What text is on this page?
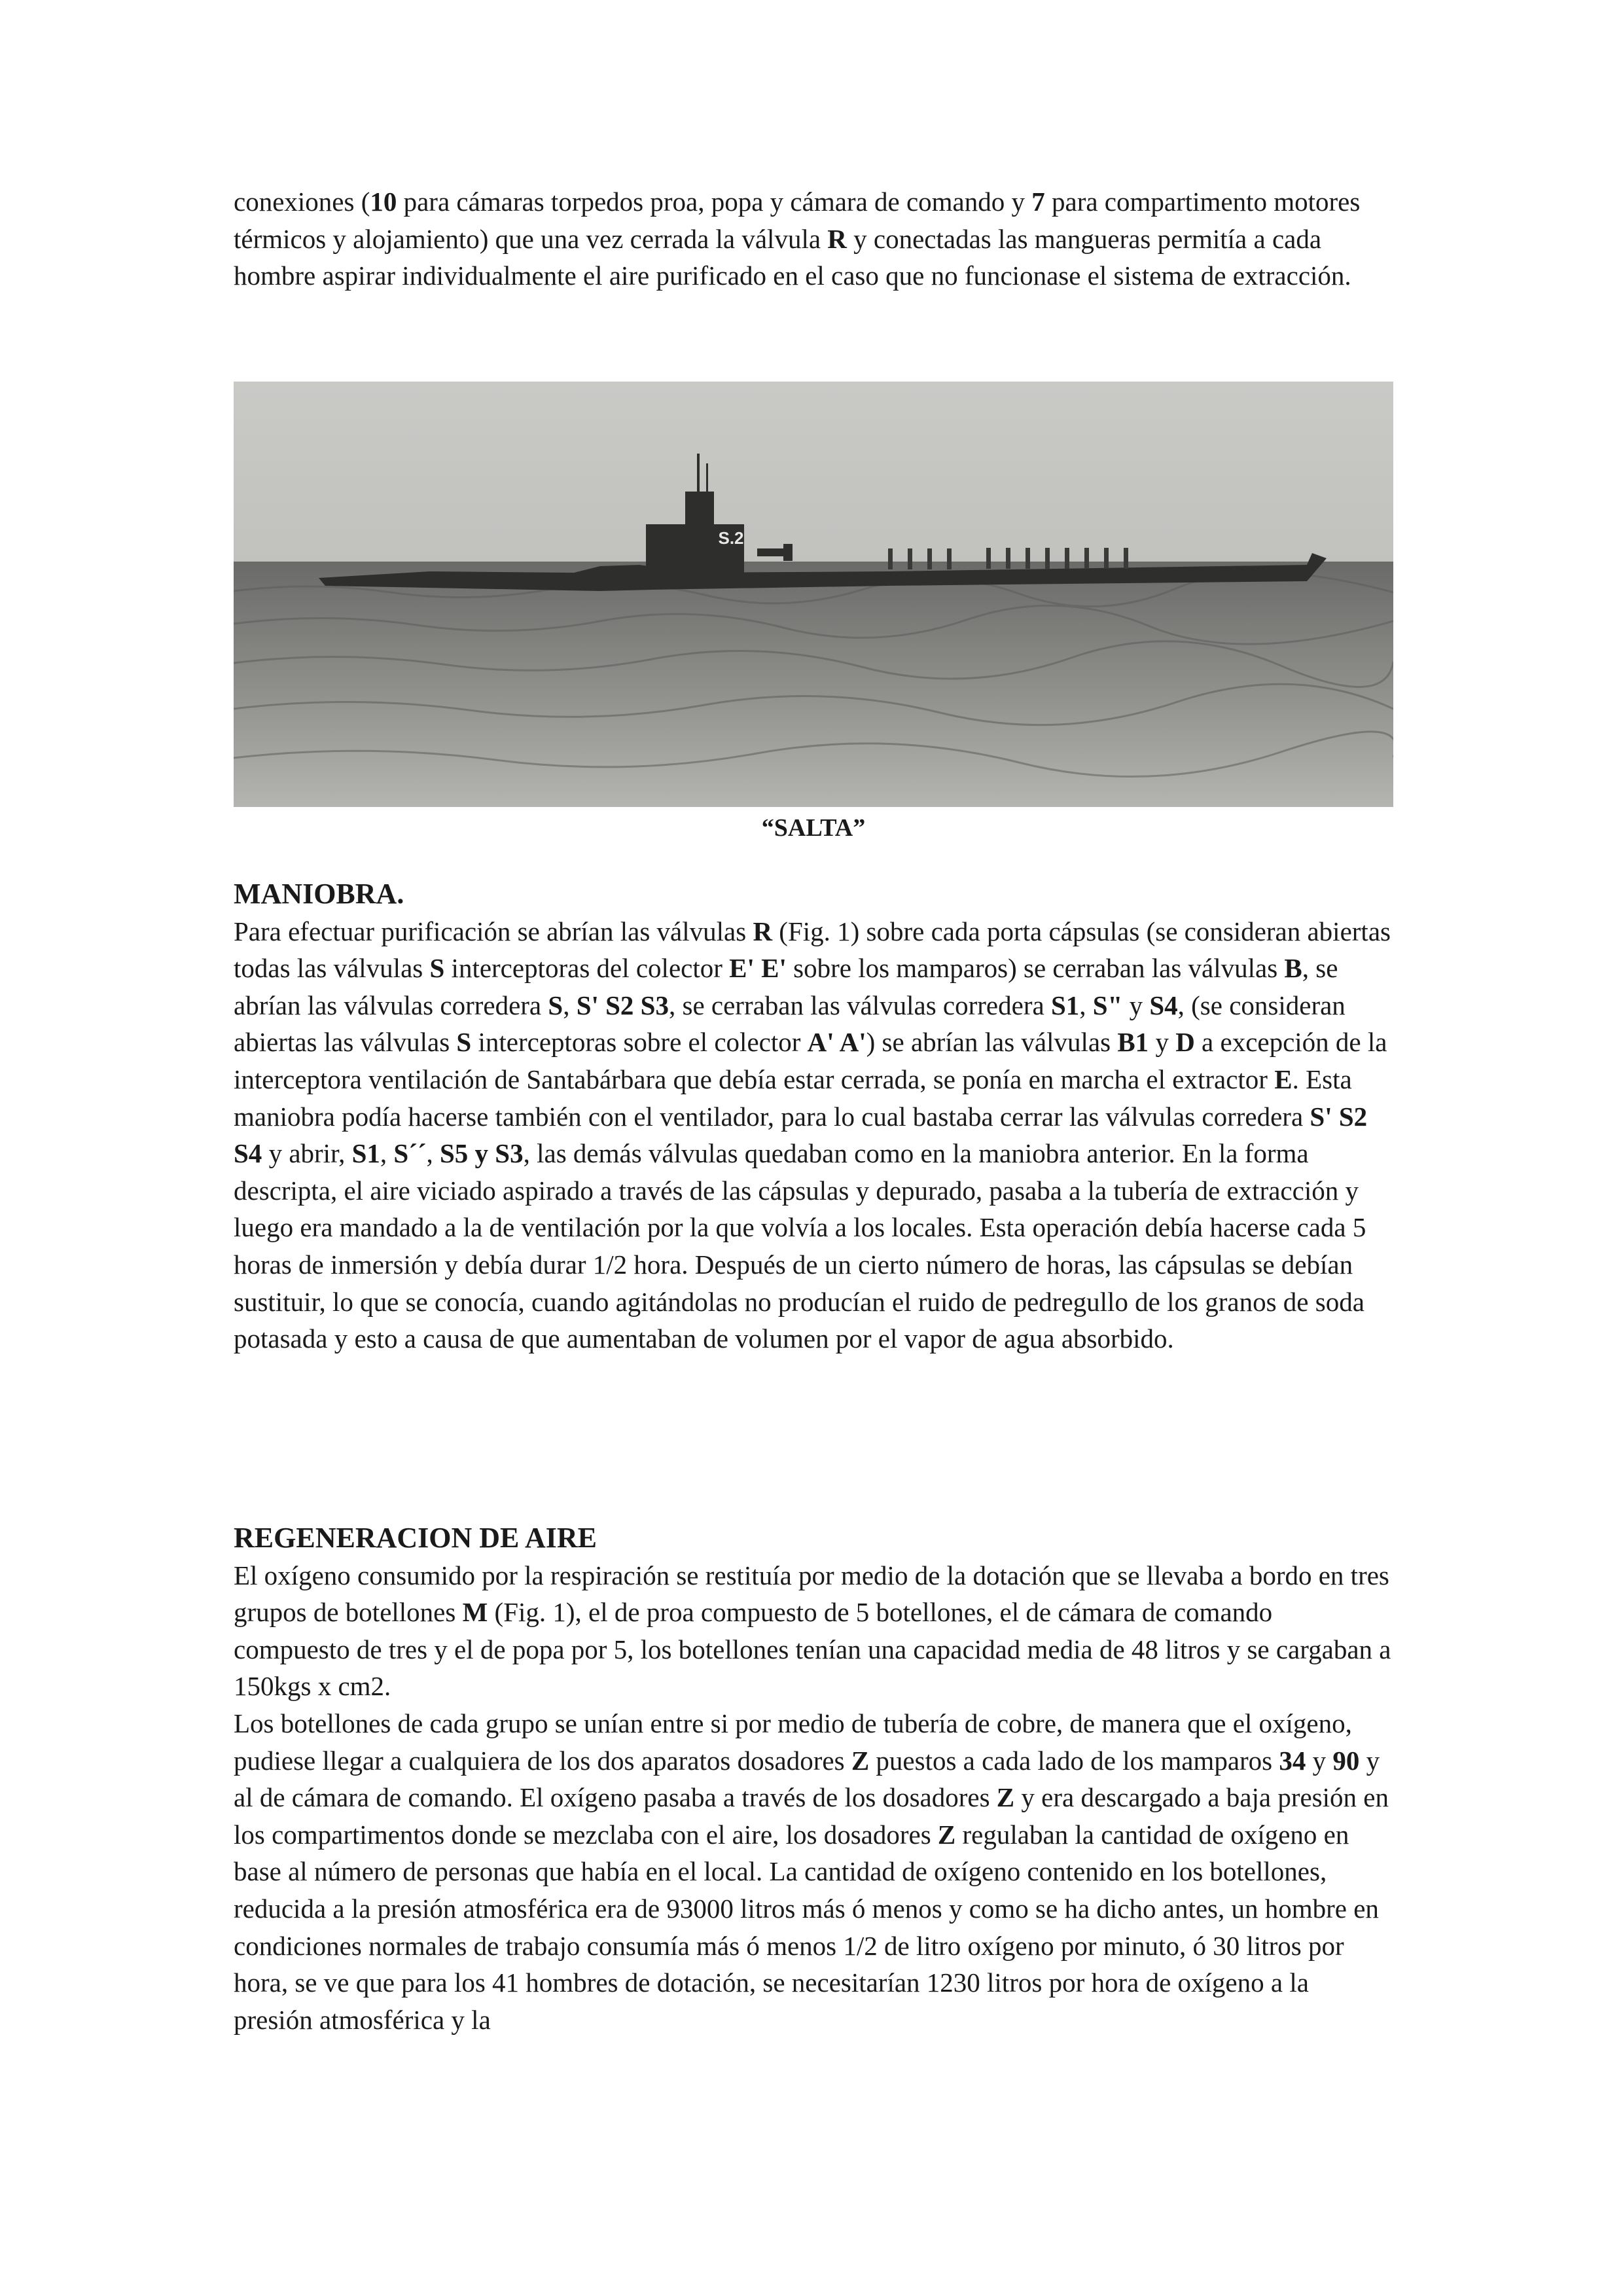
conexiones (10 para cámaras torpedos proa, popa y cámara de comando y 7 para compartimento motores térmicos y alojamiento) que una vez cerrada la válvula R y conectadas las mangueras permitía a cada hombre aspirar individualmente el aire purificado en el caso que no funcionase el sistema de extracción.

S.2
“SALTA”
MANIOBRA.

Para efectuar purificación se abrían las válvulas R (Fig. 1) sobre cada porta cápsulas (se consideran abiertas todas las válvulas S interceptoras del colector E' E' sobre los mamparos) se cerraban las válvulas B, se abrían las válvulas corredera S, S' S2 S3, se cerraban las válvulas corredera S1, S" y S4, (se consideran abiertas las válvulas S interceptoras sobre el colector A' A') se abrían las válvulas B1 y D a excepción de la interceptora ventilación de Santabárbara que debía estar cerrada, se ponía en marcha el extractor E. Esta maniobra podía hacerse también con el ventilador, para lo cual bastaba cerrar las válvulas corredera S' S2 S4 y abrir, S1, S´´, S5 y S3, las demás válvulas quedaban como en la maniobra anterior. En la forma descripta, el aire viciado aspirado a través de las cápsulas y depurado, pasaba a la tubería de extracción y luego era mandado a la de ventilación por la que volvía a los locales. Esta operación debía hacerse cada 5 horas de inmersión y debía durar 1/2 hora. Después de un cierto número de horas, las cápsulas se debían sustituir, lo que se conocía, cuando agitándolas no producían el ruido de pedregullo de los granos de soda potasada y esto a causa de que aumentaban de volumen por el vapor de agua absorbido.

REGENERACION DE AIRE

El oxígeno consumido por la respiración se restituía por medio de la dotación que se llevaba a bordo en tres grupos de botellones M (Fig. 1), el de proa compuesto de 5 botellones, el de cámara de comando compuesto de tres y el de popa por 5, los botellones tenían una capacidad media de 48 litros y se cargaban a 150kgs x cm2.

Los botellones de cada grupo se unían entre si por medio de tubería de cobre, de manera que el oxígeno, pudiese llegar a cualquiera de los dos aparatos dosadores Z puestos a cada lado de los mamparos 34 y 90 y al de cámara de comando. El oxígeno pasaba a través de los dosadores Z y era descargado a baja presión en los compartimentos donde se mezclaba con el aire, los dosadores Z regulaban la cantidad de oxígeno en base al número de personas que había en el local. La cantidad de oxígeno contenido en los botellones, reducida a la presión atmosférica era de 93000 litros más ó menos y como se ha dicho antes, un hombre en condiciones normales de trabajo consumía más ó menos 1/2 de litro oxígeno por minuto, ó 30 litros por hora, se ve que para los 41 hombres de dotación, se necesitarían 1230 litros por hora de oxígeno a la presión atmosférica y la
